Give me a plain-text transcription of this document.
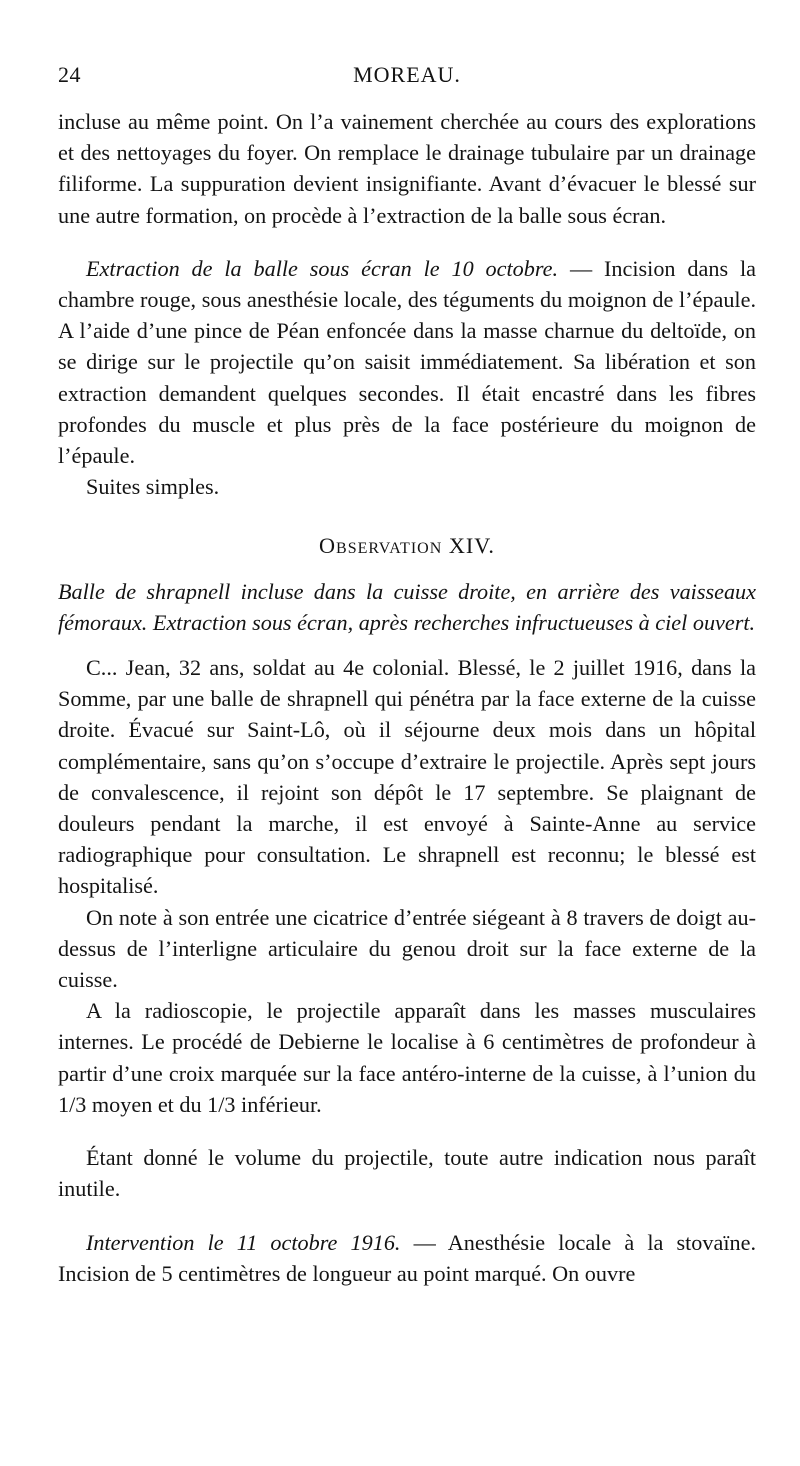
24	MOREAU.

incluse au même point. On l’a vainement cherchée au cours des explorations et des nettoyages du foyer. On remplace le drainage tubulaire par un drainage filiforme. La suppuration devient insignifiante. Avant d’évacuer le blessé sur une autre formation, on procède à l’extraction de la balle sous écran.

Extraction de la balle sous écran le 10 octobre. — Incision dans la chambre rouge, sous anesthésie locale, des téguments du moignon de l’épaule. A l’aide d’une pince de Péan enfoncée dans la masse charnue du deltoïde, on se dirige sur le projectile qu’on saisit immédiatement. Sa libération et son extraction demandent quelques secondes. Il était encastré dans les fibres profondes du muscle et plus près de la face postérieure du moignon de l’épaule.

Suites simples.

Observation XIV.

Balle de shrapnell incluse dans la cuisse droite, en arrière des vaisseaux fémoraux. Extraction sous écran, après recherches infructueuses à ciel ouvert.

C... Jean, 32 ans, soldat au 4e colonial. Blessé, le 2 juillet 1916, dans la Somme, par une balle de shrapnell qui pénétra par la face externe de la cuisse droite. Évacué sur Saint-Lô, où il séjourne deux mois dans un hôpital complémentaire, sans qu’on s’occupe d’extraire le projectile. Après sept jours de convalescence, il rejoint son dépôt le 17 septembre. Se plaignant de douleurs pendant la marche, il est envoyé à Sainte-Anne au service radiographique pour consultation. Le shrapnell est reconnu; le blessé est hospitalisé.

On note à son entrée une cicatrice d’entrée siégeant à 8 travers de doigt au-dessus de l’interligne articulaire du genou droit sur la face externe de la cuisse.

A la radioscopie, le projectile apparaît dans les masses musculaires internes. Le procédé de Debierne le localise à 6 centimètres de profondeur à partir d’une croix marquée sur la face antéro-interne de la cuisse, à l’union du 1/3 moyen et du 1/3 inférieur.

Étant donné le volume du projectile, toute autre indication nous paraît inutile.

Intervention le 11 octobre 1916. — Anesthésie locale à la stovaïne. Incision de 5 centimètres de longueur au point marqué. On ouvre
